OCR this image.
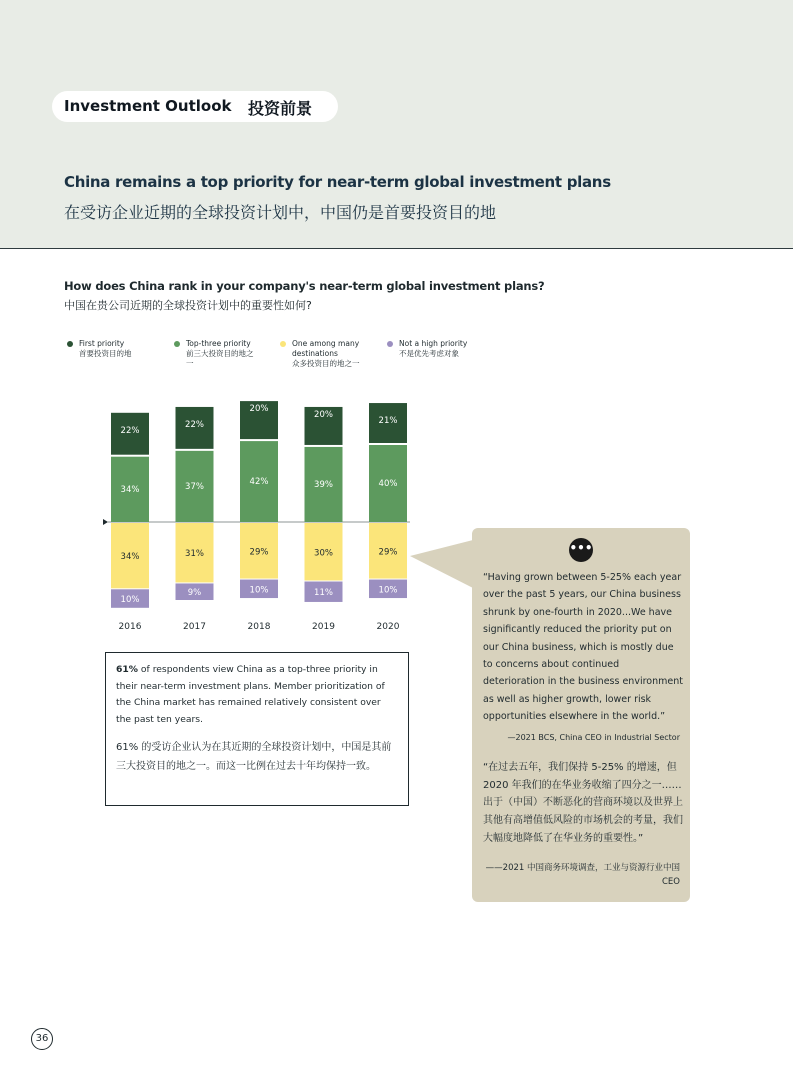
Investment Outlook 投资前景
China remains a top priority for near-term global investment plans
在受访企业近期的全球投资计划中，中国仍是首要投资目的地
How does China rank in your company's near-term global investment plans?
中国在贵公司近期的全球投资计划中的重要性如何?
First priority
首要投资目的地
Top-three priority
前三大投资目的地之一
One among many destinations
众多投资目的地之一
Not a high priority
不是优先考虑对象
34%
22%
34%
10%
2016
37%
22%
31%
9%
2017
42%
20%
29%
10%
2018
39%
20%
30%
11%
2019
40%
21%
29%
10%
2020

61% of respondents view China as a top-three priority in their near-term investment plans. Member prioritization of the China market has remained relatively consistent over the past ten years.

61% 的受访企业认为在其近期的全球投资计划中，中国是其前三大投资目的地之一。而这一比例在过去十年均保持一致。

•••
“Having grown between 5-25% each year over the past 5 years, our China business shrunk by one-fourth in 2020...We have significantly reduced the priority put on our China business, which is mostly due to concerns about continued deterioration in the business environment as well as higher growth, lower risk opportunities elsewhere in the world.”
—2021 BCS, China CEO in Industrial Sector
“在过去五年，我们保持 5-25% 的增速，但 2020 年我们的在华业务收缩了四分之一……出于（中国）不断恶化的营商环境以及世界上其他有高增值低风险的市场机会的考量，我们大幅度地降低了在华业务的重要性。”
——2021 中国商务环境调查，工业与资源行业中国 CEO
36
